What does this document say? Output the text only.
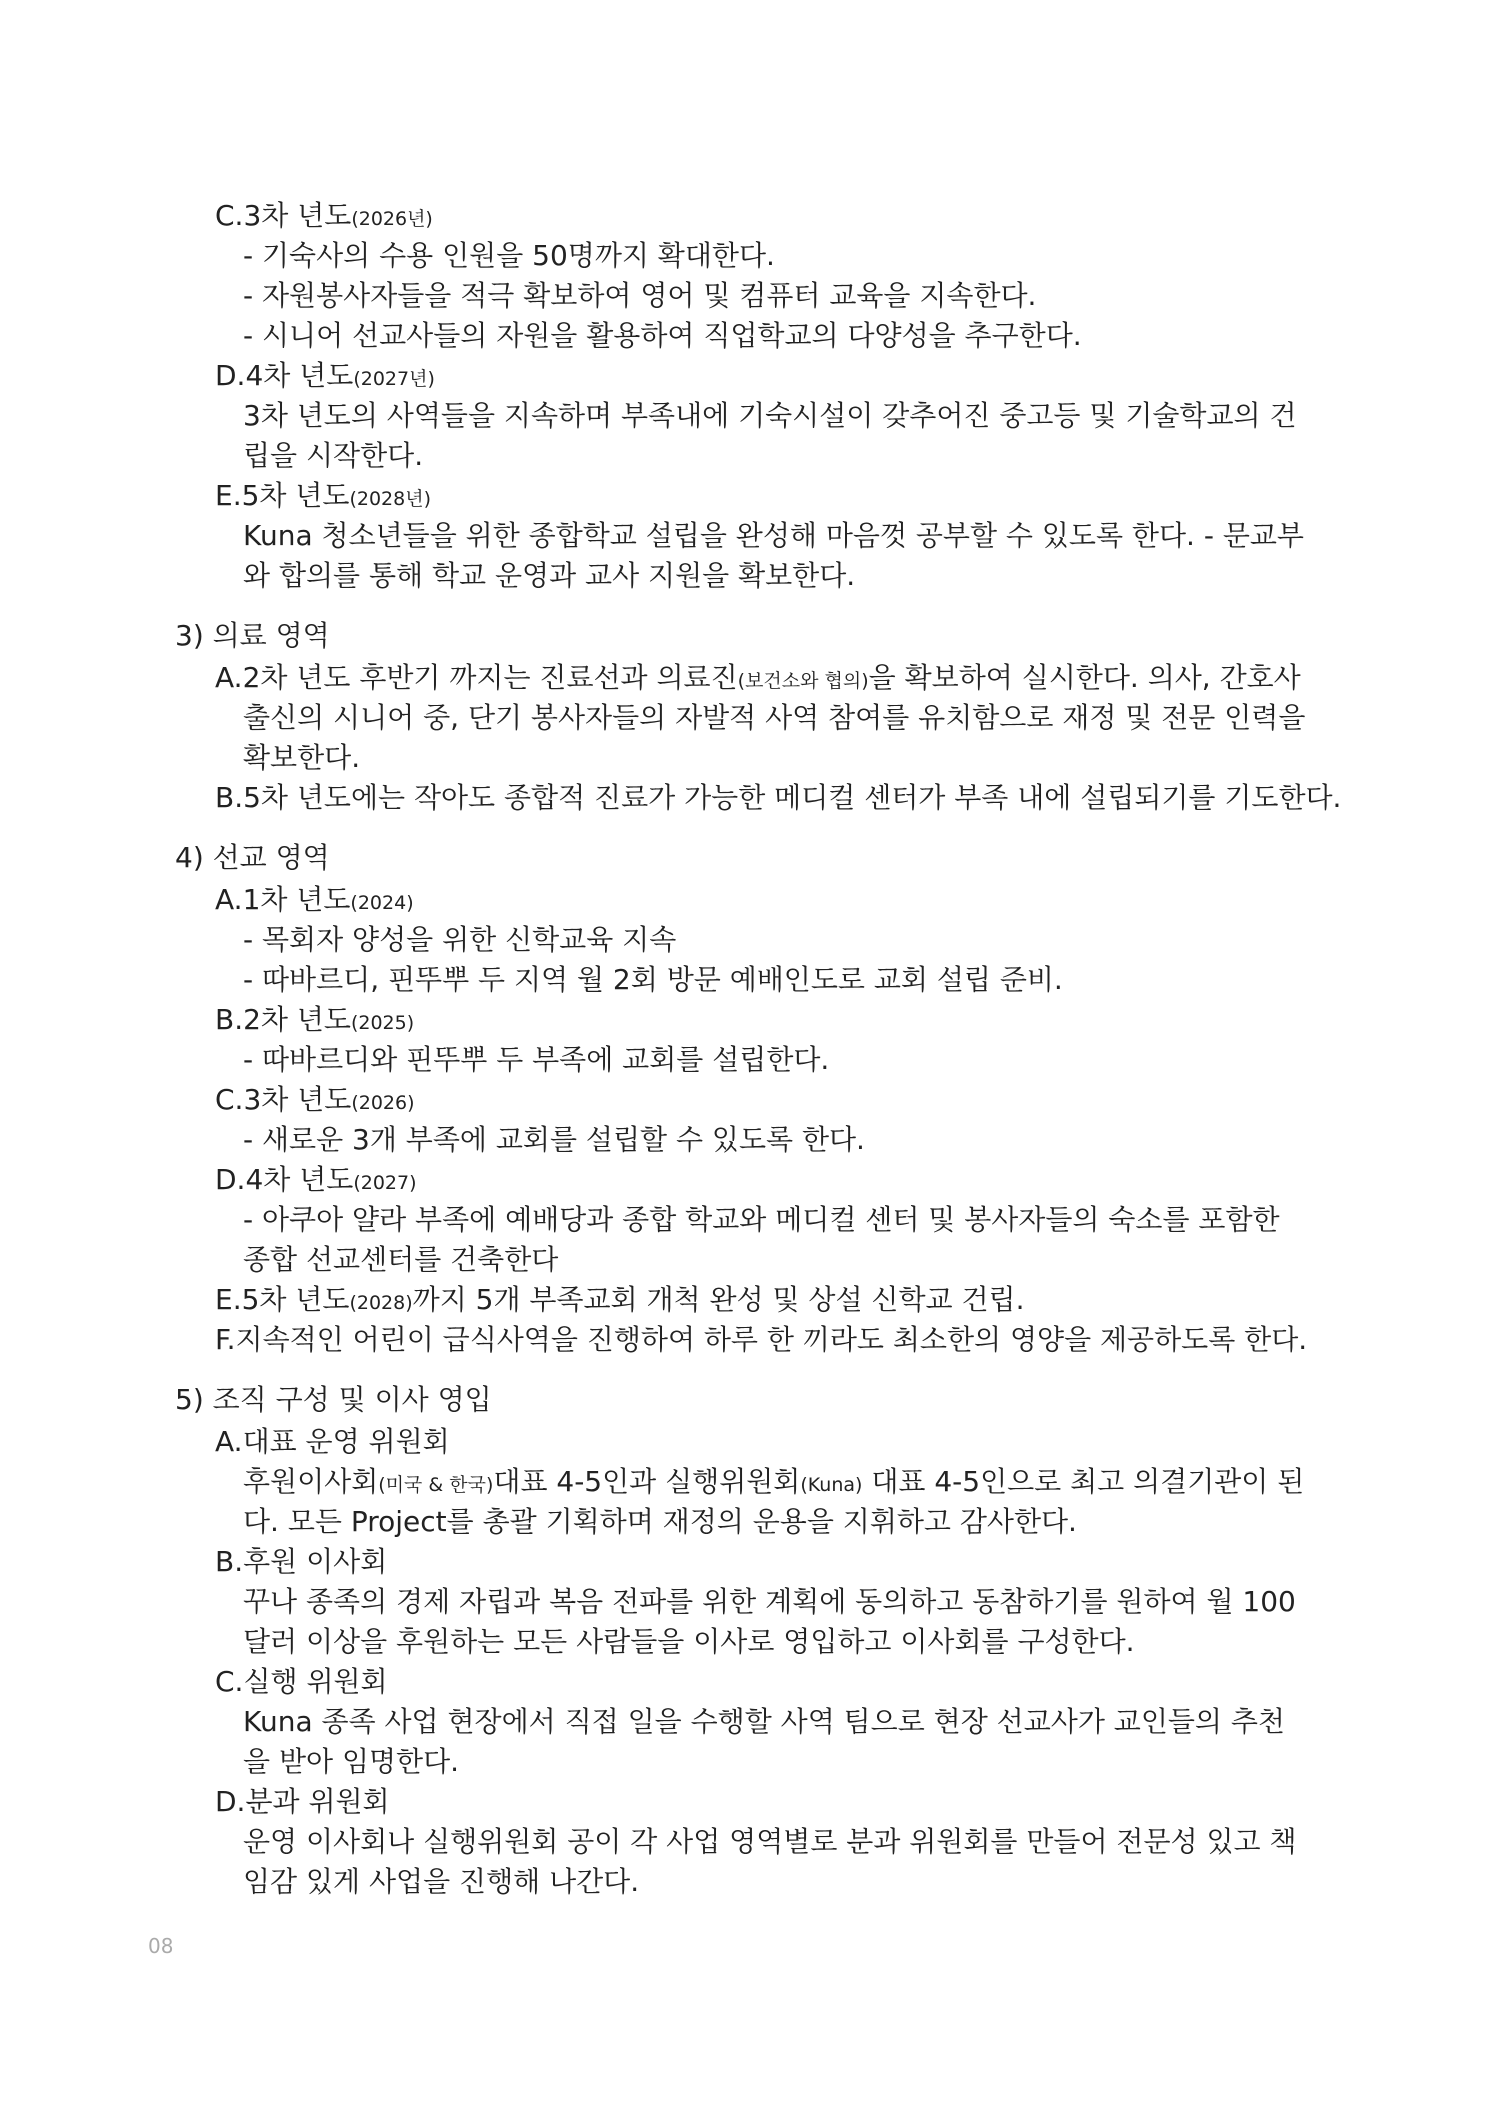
C. 3차 년도 (2026년)
- 기숙사의 수용 인원을 50명까지 확대한다.
- 자원봉사자들을 적극 확보하여 영어 및 컴퓨터 교육을 지속한다.
- 시니어 선교사들의 자원을 활용하여 직업학교의 다양성을 추구한다.
D. 4차 년도 (2027년)
3차 년도의 사역들을 지속하며 부족내에 기숙시설이 갖추어진 중고등 및 기술학교의 건
립을 시작한다.
E. 5차 년도 (2028년)
Kuna 청소년들을 위한 종합학교 설립을 완성해 마음껏 공부할 수 있도록 한다. - 문교부
와 합의를 통해 학교 운영과 교사 지원을 확보한다.
3) 의료 영역
A. 2차 년도 후반기 까지는 진료선과 의료진(보건소와 협의)을 확보하여 실시한다. 의사, 간호사
출신의 시니어 중, 단기 봉사자들의 자발적 사역 참여를 유치함으로 재정 및 전문 인력을
확보한다.
B. 5차 년도에는 작아도 종합적 진료가 가능한 메디컬 센터가 부족 내에 설립되기를 기도한다.
4) 선교 영역
A. 1차 년도 (2024)
- 목회자 양성을 위한 신학교육 지속
- 따바르디, 핀뚜뿌 두 지역 월 2회 방문 예배인도로 교회 설립 준비.
B. 2차 년도 (2025)
- 따바르디와 핀뚜뿌 두 부족에 교회를 설립한다.
C. 3차 년도 (2026)
- 새로운 3개 부족에 교회를 설립할 수 있도록 한다.
D. 4차 년도 (2027)
- 아쿠아 얄라 부족에 예배당과 종합 학교와 메디컬 센터 및 봉사자들의 숙소를 포함한
종합 선교센터를 건축한다
E. 5차 년도(2028)까지 5개 부족교회 개척 완성 및 상설 신학교 건립.
F. 지속적인 어린이 급식사역을 진행하여 하루 한 끼라도 최소한의 영양을 제공하도록 한다.
5) 조직 구성 및 이사 영입
A. 대표 운영 위원회
후원이사회(미국 & 한국)대표 4-5인과 실행위원회(Kuna) 대표 4-5인으로 최고 의결기관이 된
다. 모든 Project를 총괄 기획하며 재정의 운용을 지휘하고 감사한다.
B. 후원 이사회
꾸나 종족의 경제 자립과 복음 전파를 위한 계획에 동의하고 동참하기를 원하여 월 100
달러 이상을 후원하는 모든 사람들을 이사로 영입하고 이사회를 구성한다.
C. 실행 위원회
Kuna 종족 사업 현장에서 직접 일을 수행할 사역 팀으로 현장 선교사가 교인들의 추천
을 받아 임명한다.
D. 분과 위원회
운영 이사회나 실행위원회 공이 각 사업 영역별로 분과 위원회를 만들어 전문성 있고 책
임감 있게 사업을 진행해 나간다.
08
